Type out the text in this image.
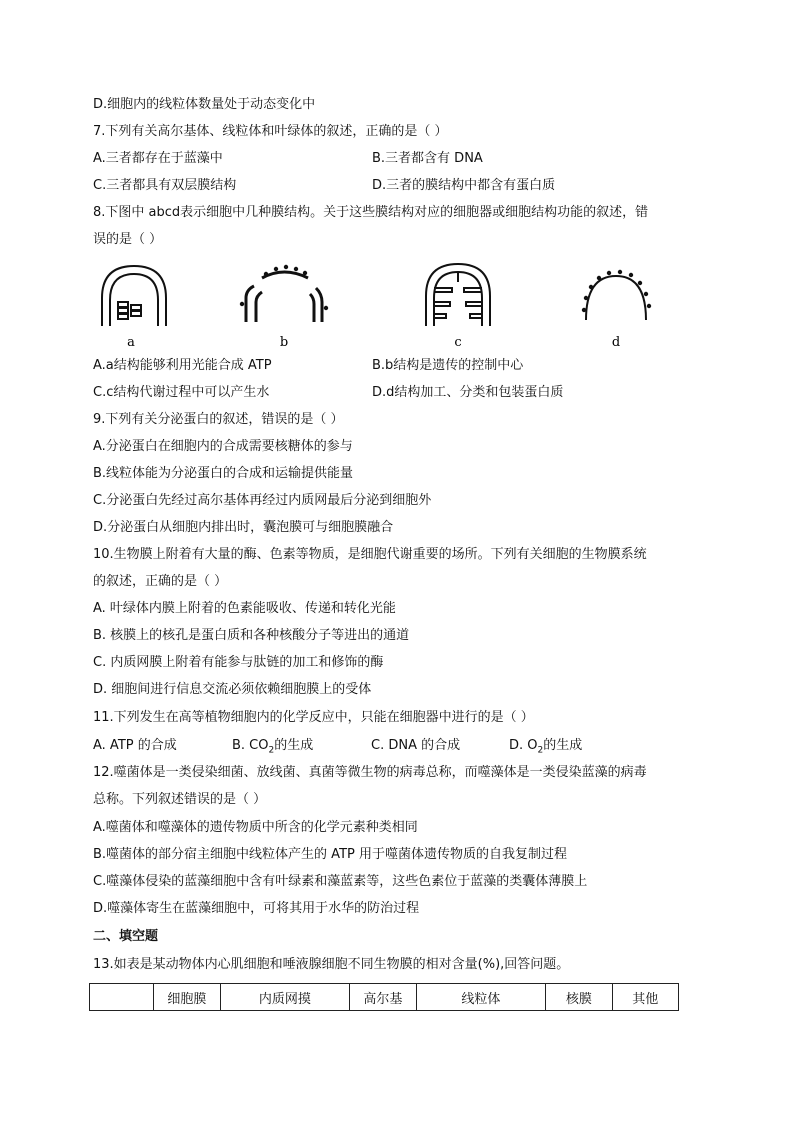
D.细胞内的线粒体数量处于动态变化中
7.下列有关高尔基体、线粒体和叶绿体的叙述，正确的是（ ）
A.三者都存在于蓝藻中	B.三者都含有 DNA
C.三者都具有双层膜结构	D.三者的膜结构中都含有蛋白质
8.下图中 abcd表示细胞中几种膜结构。关于这些膜结构对应的细胞器或细胞结构功能的叙述，错
误的是（ ）
a	b	c	d
A.a结构能够利用光能合成 ATP	B.b结构是遗传的控制中心
C.c结构代谢过程中可以产生水	D.d结构加工、分类和包装蛋白质
9.下列有关分泌蛋白的叙述，错误的是（ ）
A.分泌蛋白在细胞内的合成需要核糖体的参与
B.线粒体能为分泌蛋白的合成和运输提供能量
C.分泌蛋白先经过高尔基体再经过内质网最后分泌到细胞外
D.分泌蛋白从细胞内排出时，囊泡膜可与细胞膜融合
10.生物膜上附着有大量的酶、色素等物质，是细胞代谢重要的场所。下列有关细胞的生物膜系统
的叙述，正确的是（ ）
A. 叶绿体内膜上附着的色素能吸收、传递和转化光能
B. 核膜上的核孔是蛋白质和各种核酸分子等进出的通道
C. 内质网膜上附着有能参与肽链的加工和修饰的酶
D. 细胞间进行信息交流必须依赖细胞膜上的受体
11.下列发生在高等植物细胞内的化学反应中，只能在细胞器中进行的是（ ）
A. ATP 的合成	B. $CO_2$的生成	C. DNA 的合成	D. $O_2$的生成
12.噬菌体是一类侵染细菌、放线菌、真菌等微生物的病毒总称，而噬藻体是一类侵染蓝藻的病毒
总称。下列叙述错误的是（ ）
A.噬菌体和噬藻体的遗传物质中所含的化学元素种类相同
B.噬菌体的部分宿主细胞中线粒体产生的 ATP 用于噬菌体遗传物质的自我复制过程
C.噬藻体侵染的蓝藻细胞中含有叶绿素和藻蓝素等，这些色素位于蓝藻的类囊体薄膜上
D.噬藻体寄生在蓝藻细胞中，可将其用于水华的防治过程
二、填空题
13.如表是某动物体内心肌细胞和唾液腺细胞不同生物膜的相对含量(%),回答问题。
	细胞膜	内质网摸	高尔基	线粒体	核膜	其他
